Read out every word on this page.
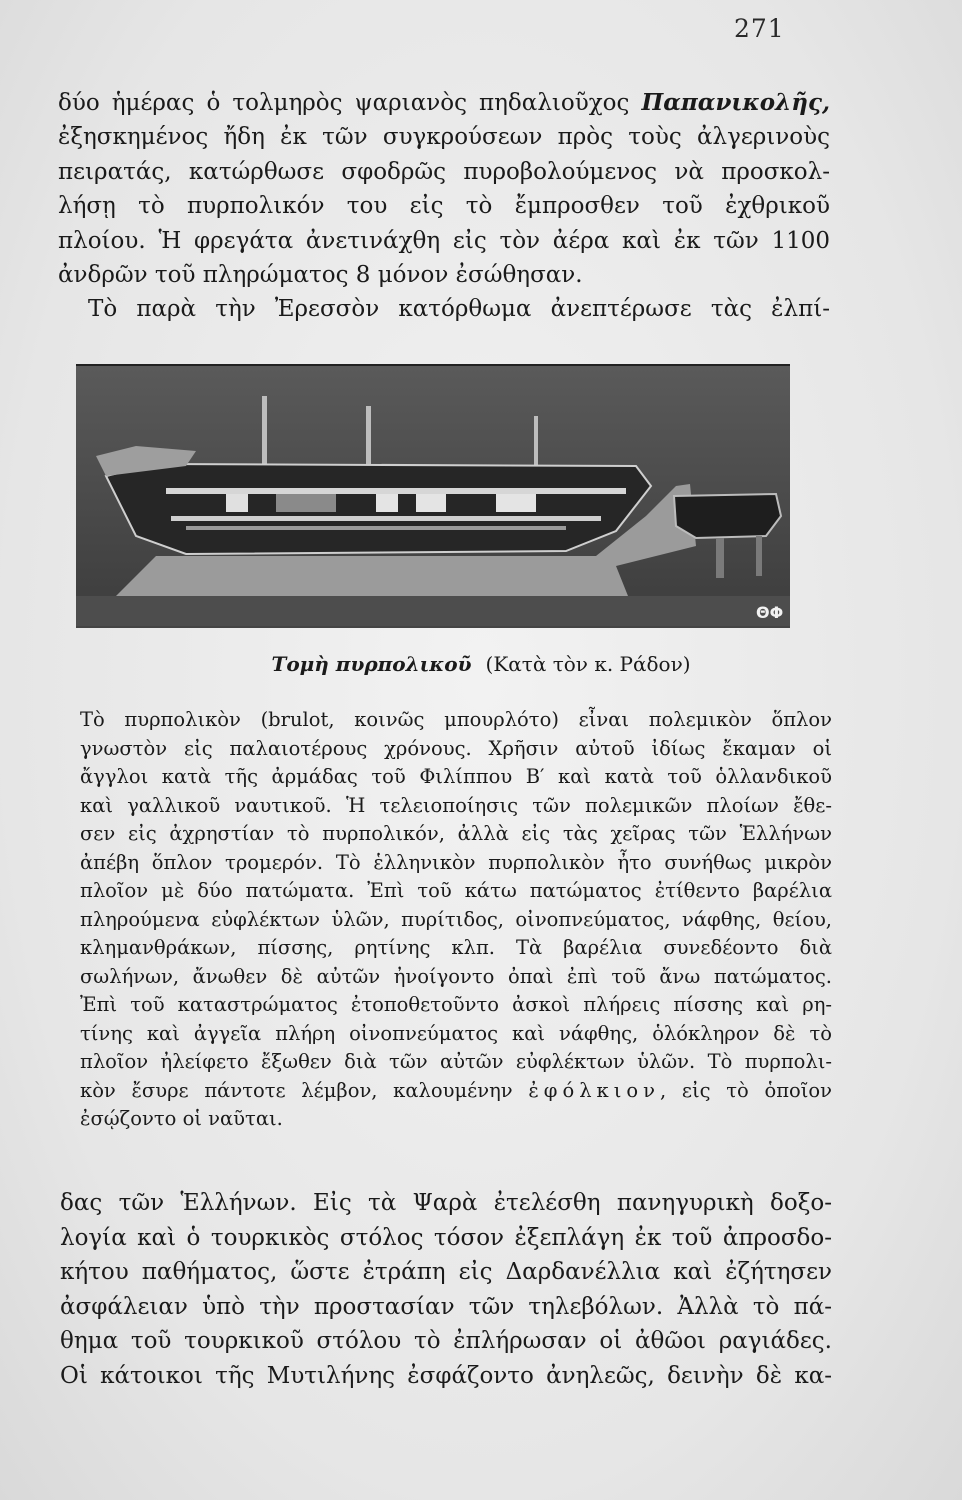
271
δύο ἡμέρας ὁ τολμηρὸς ψαριανὸς πηδαλιοῦχος Παπανικολῆς,
ἐξησκημένος ἤδη ἐκ τῶν συγκρούσεων πρὸς τοὺς ἀλγερινοὺς
πειρατάς, κατώρθωσε σφοδρῶς πυροβολούμενος νὰ προσκολ-
λήσῃ τὸ πυρπολικόν του εἰς τὸ ἔμπροσθεν τοῦ ἐχθρικοῦ
πλοίου. Ἡ φρεγάτα ἀνετινάχθη εἰς τὸν ἀέρα καὶ ἐκ τῶν 1100
ἀνδρῶν τοῦ πληρώματος 8 μόνον ἐσώθησαν.
Τὸ παρὰ τὴν Ἐρεσσὸν κατόρθωμα ἀνεπτέρωσε τὰς ἐλπί-
ΘΦ
Τομὴ πυρπολικοῦ (Κατὰ τὸν κ. Ράδον)
Τὸ πυρπολικὸν (brulot, κοινῶς μπουρλότο) εἶναι πολεμικὸν ὅπλον
γνωστὸν εἰς παλαιοτέρους χρόνους. Χρῆσιν αὐτοῦ ἰδίως ἔκαμαν οἱ
ἄγγλοι κατὰ τῆς ἀρμάδας τοῦ Φιλίππου Β′ καὶ κατὰ τοῦ ὁλλανδικοῦ
καὶ γαλλικοῦ ναυτικοῦ. Ἡ τελειοποίησις τῶν πολεμικῶν πλοίων ἔθε-
σεν εἰς ἀχρηστίαν τὸ πυρπολικόν, ἀλλὰ εἰς τὰς χεῖρας τῶν Ἑλλήνων
ἀπέβη ὅπλον τρομερόν. Τὸ ἑλληνικὸν πυρπολικὸν ἦτο συνήθως μικρὸν
πλοῖον μὲ δύο πατώματα. Ἐπὶ τοῦ κάτω πατώματος ἐτίθεντο βαρέλια
πληρούμενα εὐφλέκτων ὑλῶν, πυρίτιδος, οἰνοπνεύματος, νάφθης, θείου,
κλημανθράκων, πίσσης, ρητίνης κλπ. Τὰ βαρέλια συνεδέοντο διὰ
σωλήνων, ἄνωθεν δὲ αὐτῶν ἠνοίγοντο ὀπαὶ ἐπὶ τοῦ ἄνω πατώματος.
Ἐπὶ τοῦ καταστρώματος ἐτοποθετοῦντο ἀσκοὶ πλήρεις πίσσης καὶ ρη-
τίνης καὶ ἀγγεῖα πλήρη οἰνοπνεύματος καὶ νάφθης, ὁλόκληρον δὲ τὸ
πλοῖον ἠλείφετο ἔξωθεν διὰ τῶν αὐτῶν εὐφλέκτων ὑλῶν. Τὸ πυρπολι-
κὸν ἔσυρε πάντοτε λέμβον, καλουμένην ἐφόλκιον, εἰς τὸ ὁποῖον
ἐσῴζοντο οἱ ναῦται.
δας τῶν Ἑλλήνων. Εἰς τὰ Ψαρὰ ἐτελέσθη πανηγυρικὴ δοξο-
λογία καὶ ὁ τουρκικὸς στόλος τόσον ἐξεπλάγη ἐκ τοῦ ἀπροσδο-
κήτου παθήματος, ὥστε ἐτράπη εἰς Δαρδανέλλια καὶ ἐζήτησεν
ἀσφάλειαν ὑπὸ τὴν προστασίαν τῶν τηλεβόλων. Ἀλλὰ τὸ πά-
θημα τοῦ τουρκικοῦ στόλου τὸ ἐπλήρωσαν οἱ ἀθῶοι ραγιάδες.
Οἱ κάτοικοι τῆς Μυτιλήνης ἐσφάζοντο ἀνηλεῶς, δεινὴν δὲ κα-
